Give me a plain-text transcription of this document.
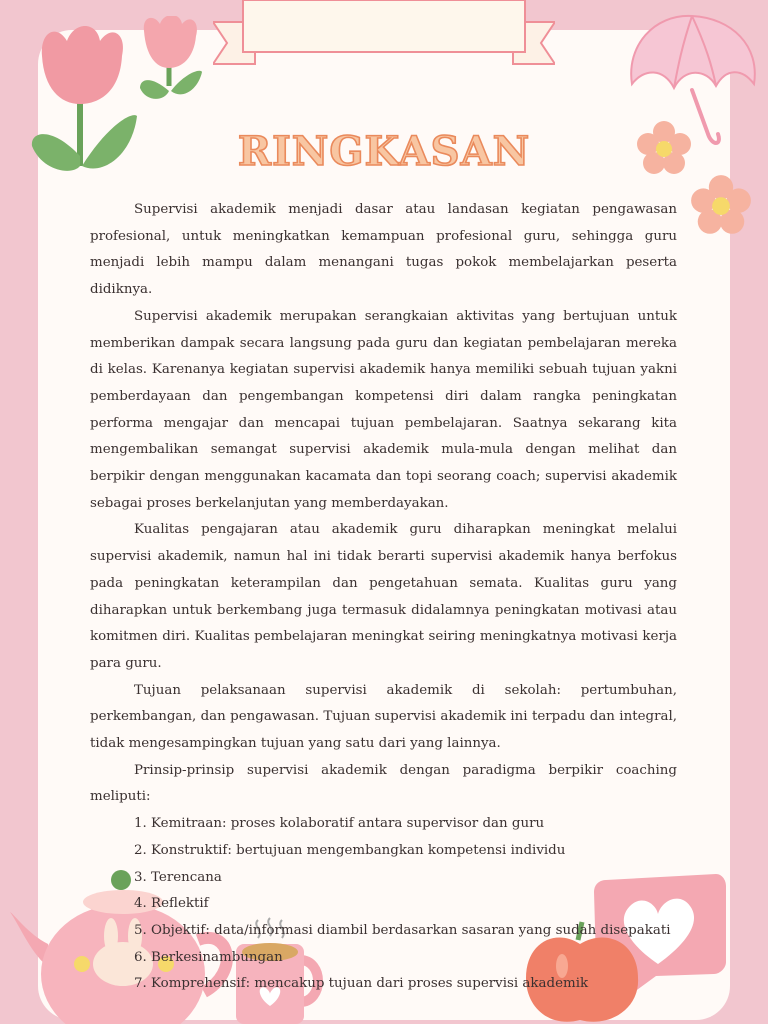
RINGKASAN

Supervisi akademik menjadi dasar atau landasan kegiatan pengawasan profesional, untuk meningkatkan kemampuan profesional guru, sehingga guru menjadi lebih mampu dalam menangani tugas pokok membelajarkan peserta didiknya.

Supervisi akademik merupakan serangkaian aktivitas yang bertujuan untuk memberikan dampak secara langsung pada guru dan kegiatan pembelajaran mereka di kelas. Karenanya kegiatan supervisi akademik hanya memiliki sebuah tujuan yakni pemberdayaan dan pengembangan kompetensi diri dalam rangka peningkatan performa mengajar dan mencapai tujuan pembelajaran. Saatnya sekarang kita mengembalikan semangat supervisi akademik mula-mula dengan melihat dan berpikir dengan menggunakan kacamata dan topi seorang coach; supervisi akademik sebagai proses berkelanjutan yang memberdayakan.

Kualitas pengajaran atau akademik guru diharapkan meningkat melalui supervisi akademik, namun hal ini tidak berarti supervisi akademik hanya berfokus pada peningkatan keterampilan dan pengetahuan semata. Kualitas guru yang diharapkan untuk berkembang juga termasuk didalamnya peningkatan motivasi atau komitmen diri. Kualitas pembelajaran meningkat seiring meningkatnya motivasi kerja para guru.

Tujuan pelaksanaan supervisi akademik di sekolah: pertumbuhan, perkembangan, dan pengawasan. Tujuan supervisi akademik ini terpadu dan integral, tidak mengesampingkan tujuan yang satu dari yang lainnya.

Prinsip-prinsip supervisi akademik dengan paradigma berpikir coaching meliputi:

1. Kemitraan: proses kolaboratif antara supervisor dan guru

2. Konstruktif: bertujuan mengembangkan kompetensi individu

3. Terencana

4. Reflektif

5. Objektif: data/informasi diambil berdasarkan sasaran yang sudah disepakati

6. Berkesinambungan

7. Komprehensif: mencakup tujuan dari proses supervisi akademik
